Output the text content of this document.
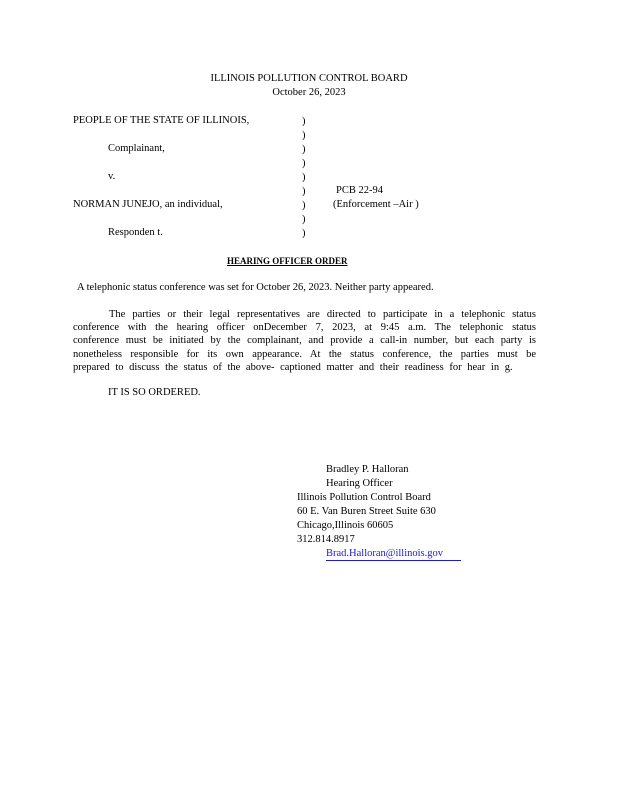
ILLINOIS POLLUTION CONTROL BOARD
October 26, 2023
PEOPLE OF THE STATE OF ILLINOIS,
Complainant,
v.
NORMAN JUNEJO, an individual,
Responden t.
)
)
)
)
)
)
)
)
)
PCB 22-94
(Enforcement –Air )
HEARING OFFICER ORDER
A telephonic status conference was set for October 26, 2023. Neither party appeared.
The parties or their legal representatives are directed to participate in a telephonic status conference with the hearing officer onDecember 7, 2023, at 9:45 a.m. The telephonic status conference must be initiated by the complainant, and provide a call-in number, but each party is nonetheless responsible for its own appearance. At the status conference, the parties must be prepared to discuss the status of the above- captioned matter and their readiness for hear in g.
IT IS SO ORDERED.
Bradley P. Halloran
Hearing Officer
Illinois Pollution Control Board
60 E. Van Buren Street Suite 630
Chicago,Illinois 60605
312.814.8917
Brad.Halloran@illinois.gov
